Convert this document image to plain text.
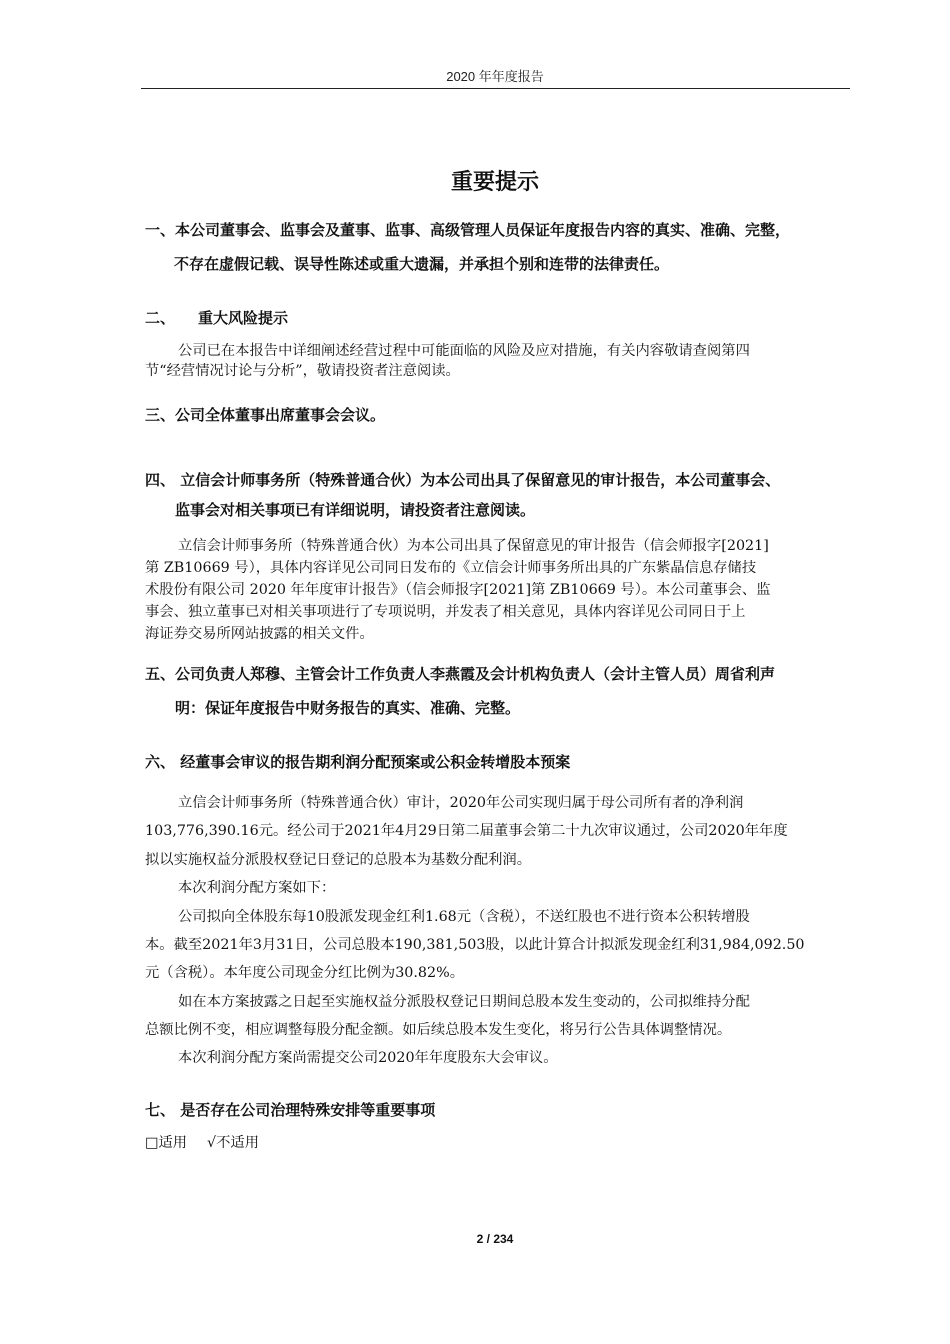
2020 年年度报告
重要提示
一、本公司董事会、监事会及董事、监事、高级管理人员保证年度报告内容的真实、准确、完整，
不存在虚假记载、误导性陈述或重大遗漏，并承担个别和连带的法律责任。
二、 重大风险提示
公司已在本报告中详细阐述经营过程中可能面临的风险及应对措施，有关内容敬请查阅第四
节“经营情况讨论与分析”，敬请投资者注意阅读。
三、公司全体董事出席董事会会议。
四、 立信会计师事务所（特殊普通合伙）为本公司出具了保留意见的审计报告，本公司董事会、
监事会对相关事项已有详细说明，请投资者注意阅读。
立信会计师事务所（特殊普通合伙）为本公司出具了保留意见的审计报告（信会师报字[2021]
第 ZB10669 号），具体内容详见公司同日发布的《立信会计师事务所出具的广东紫晶信息存储技
术股份有限公司 2020 年年度审计报告》（信会师报字[2021]第 ZB10669 号）。本公司董事会、监
事会、独立董事已对相关事项进行了专项说明，并发表了相关意见，具体内容详见公司同日于上
海证券交易所网站披露的相关文件。
五、公司负责人郑穆、主管会计工作负责人李燕霞及会计机构负责人（会计主管人员）周省利声
明：保证年度报告中财务报告的真实、准确、完整。
六、 经董事会审议的报告期利润分配预案或公积金转增股本预案
立信会计师事务所（特殊普通合伙）审计，2020年公司实现归属于母公司所有者的净利润
103,776,390.16元。经公司于2021年4月29日第二届董事会第二十九次审议通过，公司2020年年度
拟以实施权益分派股权登记日登记的总股本为基数分配利润。
本次利润分配方案如下：
公司拟向全体股东每10股派发现金红利1.68元（含税），不送红股也不进行资本公积转增股
本。截至2021年3月31日，公司总股本190,381,503股，以此计算合计拟派发现金红利31,984,092.50
元（含税）。本年度公司现金分红比例为30.82%。
如在本方案披露之日起至实施权益分派股权登记日期间总股本发生变动的，公司拟维持分配
总额比例不变，相应调整每股分配金额。如后续总股本发生变化，将另行公告具体调整情况。
本次利润分配方案尚需提交公司2020年年度股东大会审议。
七、 是否存在公司治理特殊安排等重要事项
□适用 √不适用
2 / 234
